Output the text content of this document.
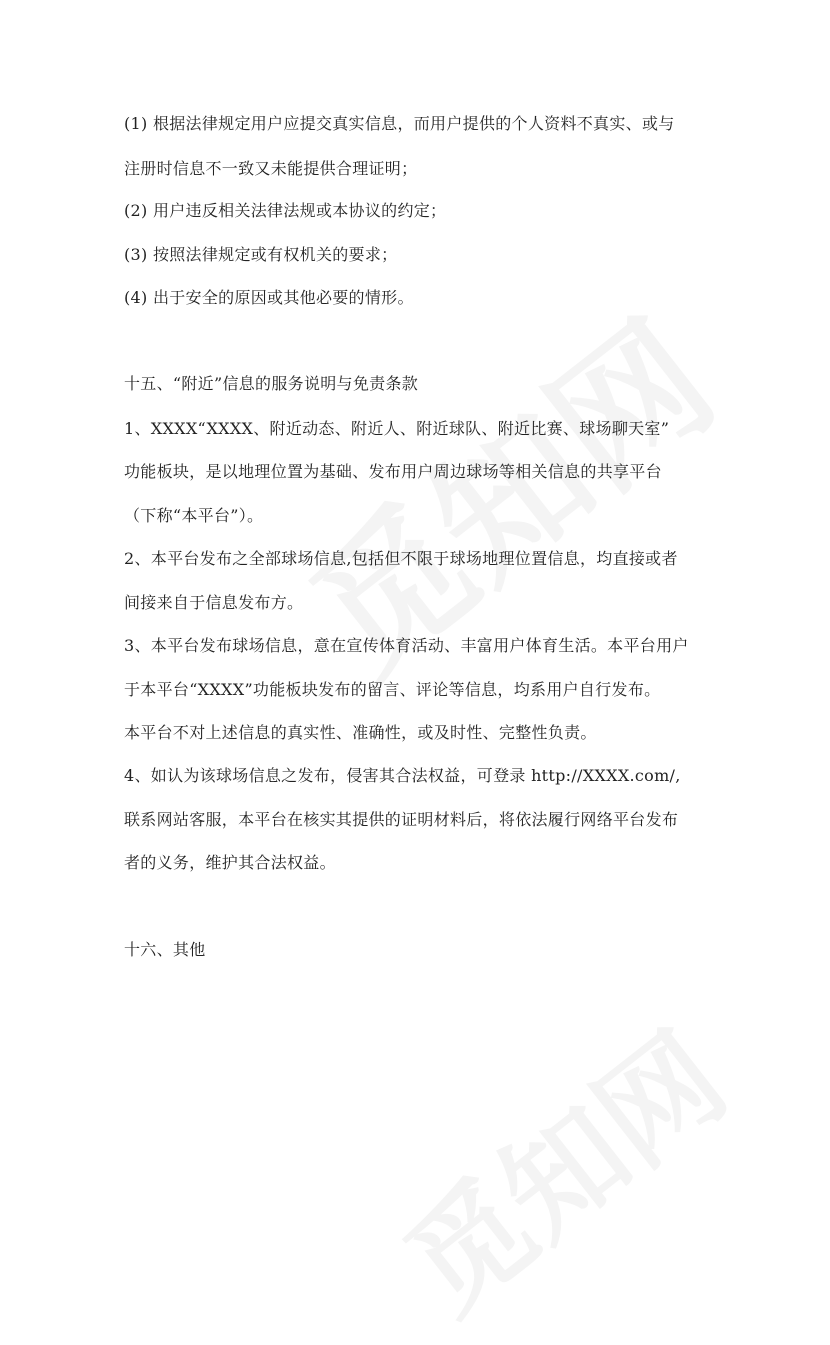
(1) 根据法律规定用户应提交真实信息，而用户提供的个人资料不真实、或与
注册时信息不一致又未能提供合理证明；
(2) 用户违反相关法律法规或本协议的约定；
(3) 按照法律规定或有权机关的要求；
(4) 出于安全的原因或其他必要的情形。
十五、“附近”信息的服务说明与免责条款
1、XXXX“XXXX、附近动态、附近人、附近球队、附近比赛、球场聊天室”
功能板块，是以地理位置为基础、发布用户周边球场等相关信息的共享平台
（下称“本平台”）。
2、本平台发布之全部球场信息,包括但不限于球场地理位置信息，均直接或者
间接来自于信息发布方。
3、本平台发布球场信息，意在宣传体育活动、丰富用户体育生活。本平台用户
于本平台“XXXX”功能板块发布的留言、评论等信息，均系用户自行发布。
本平台不对上述信息的真实性、准确性，或及时性、完整性负责。
4、如认为该球场信息之发布，侵害其合法权益，可登录 http://XXXX.com/,
联系网站客服，本平台在核实其提供的证明材料后，将依法履行网络平台发布
者的义务，维护其合法权益。
十六、其他
